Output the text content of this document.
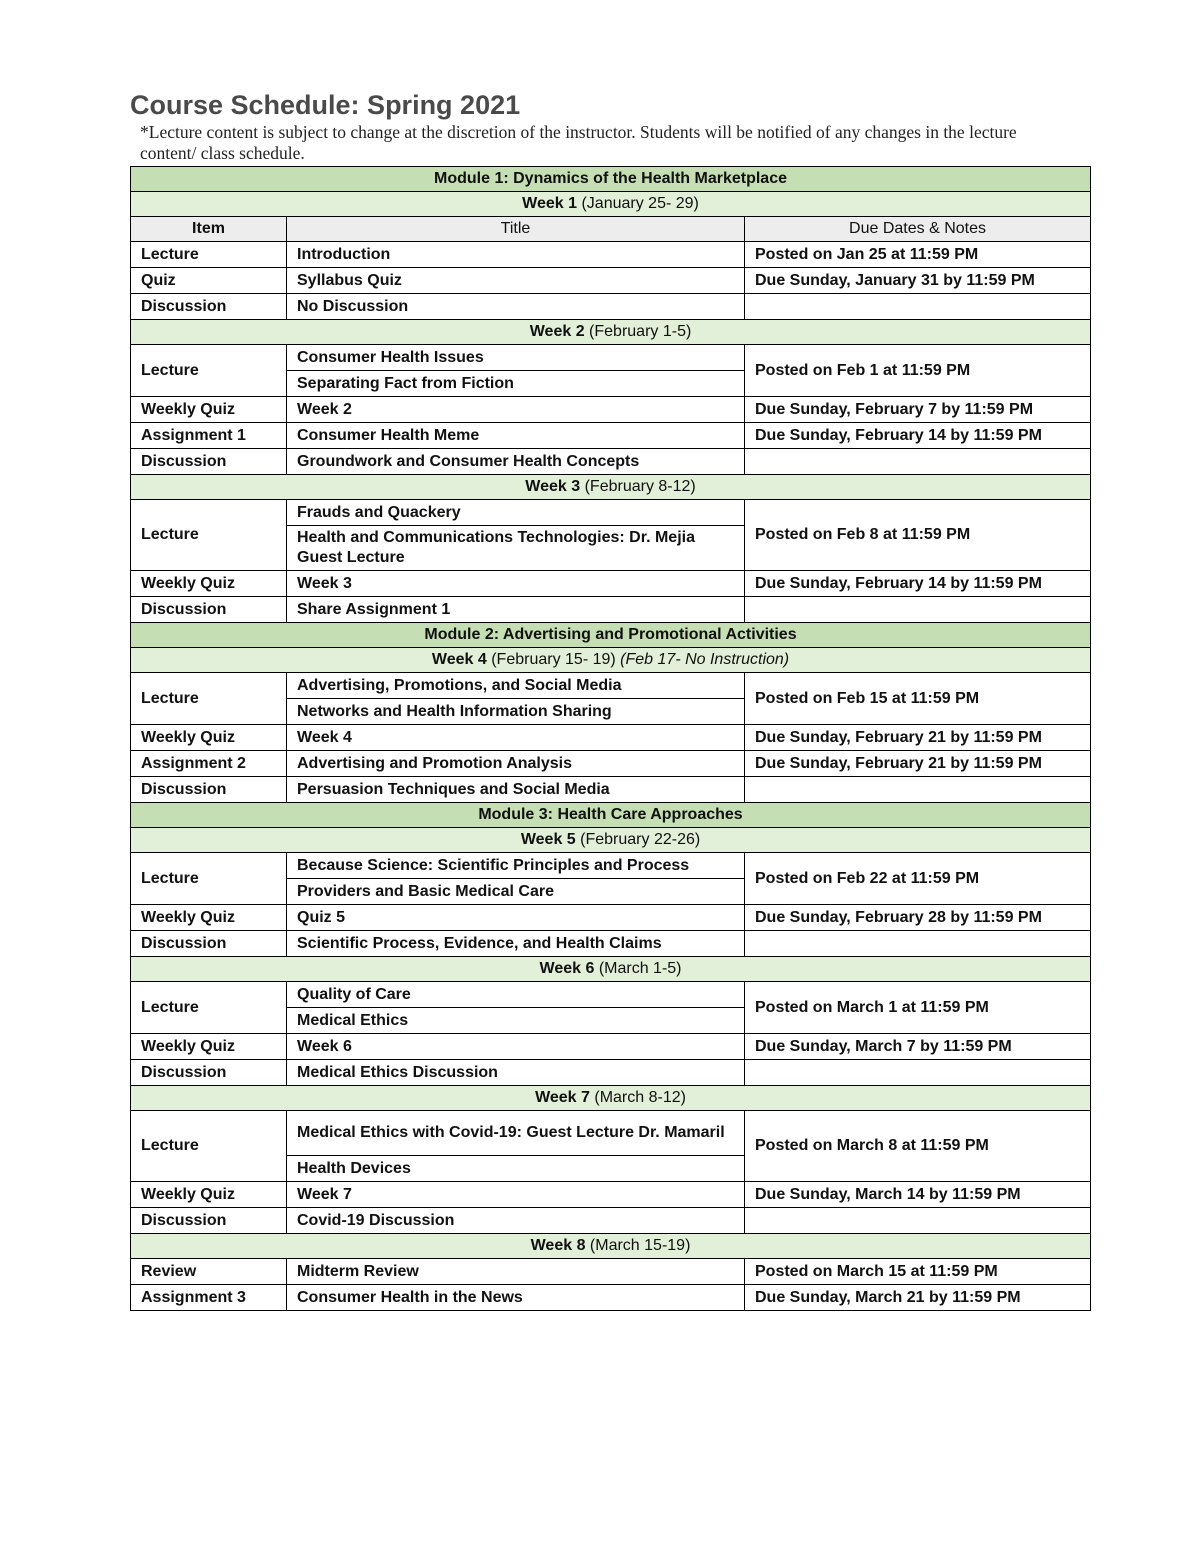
Course Schedule: Spring 2021

*Lecture content is subject to change at the discretion of the instructor. Students will be notified of any changes in the lecture content/ class schedule.

Module 1: Dynamics of the Health Marketplace		
Week 1 (January 25- 29)		
Item	Title	Due Dates & Notes
Lecture	Introduction	Posted on Jan 25 at 11:59 PM
Quiz	Syllabus Quiz	Due Sunday, January 31 by 11:59 PM
Discussion	No Discussion	
Week 2 (February 1-5)		
Lecture	Consumer Health Issues	Posted on Feb 1 at 11:59 PM
	Separating Fact from Fiction	
Weekly Quiz	Week 2	Due Sunday, February 7 by 11:59 PM
Assignment 1	Consumer Health Meme	Due Sunday, February 14 by 11:59 PM
Discussion	Groundwork and Consumer Health Concepts	
Week 3 (February 8-12)		
Lecture	Frauds and Quackery	Posted on Feb 8 at 11:59 PM
	Health and Communications Technologies: Dr. Mejia Guest Lecture	
Weekly Quiz	Week 3	Due Sunday, February 14 by 11:59 PM
Discussion	Share Assignment 1	
Module 2: Advertising and Promotional Activities		
Week 4 (February 15- 19) (Feb 17- No Instruction)		
Lecture	Advertising, Promotions, and Social Media	Posted on Feb 15 at 11:59 PM
	Networks and Health Information Sharing	
Weekly Quiz	Week 4	Due Sunday, February 21 by 11:59 PM
Assignment 2	Advertising and Promotion Analysis	Due Sunday, February 21 by 11:59 PM
Discussion	Persuasion Techniques and Social Media	
Module 3: Health Care Approaches		
Week 5 (February 22-26)		
Lecture	Because Science: Scientific Principles and Process	Posted on Feb 22 at 11:59 PM
	Providers and Basic Medical Care	
Weekly Quiz	Quiz 5	Due Sunday, February 28 by 11:59 PM
Discussion	Scientific Process, Evidence, and Health Claims	
Week 6 (March 1-5)		
Lecture	Quality of Care	Posted on March 1 at 11:59 PM
	Medical Ethics	
Weekly Quiz	Week 6	Due Sunday, March 7 by 11:59 PM
Discussion	Medical Ethics Discussion	
Week 7 (March 8-12)		
Lecture	Medical Ethics with Covid-19: Guest Lecture Dr. Mamaril	Posted on March 8 at 11:59 PM
	Health Devices	
Weekly Quiz	Week 7	Due Sunday, March 14 by 11:59 PM
Discussion	Covid-19 Discussion	
Week 8 (March 15-19)		
Review	Midterm Review	Posted on March 15 at 11:59 PM
Assignment 3	Consumer Health in the News	Due Sunday, March 21 by 11:59 PM
